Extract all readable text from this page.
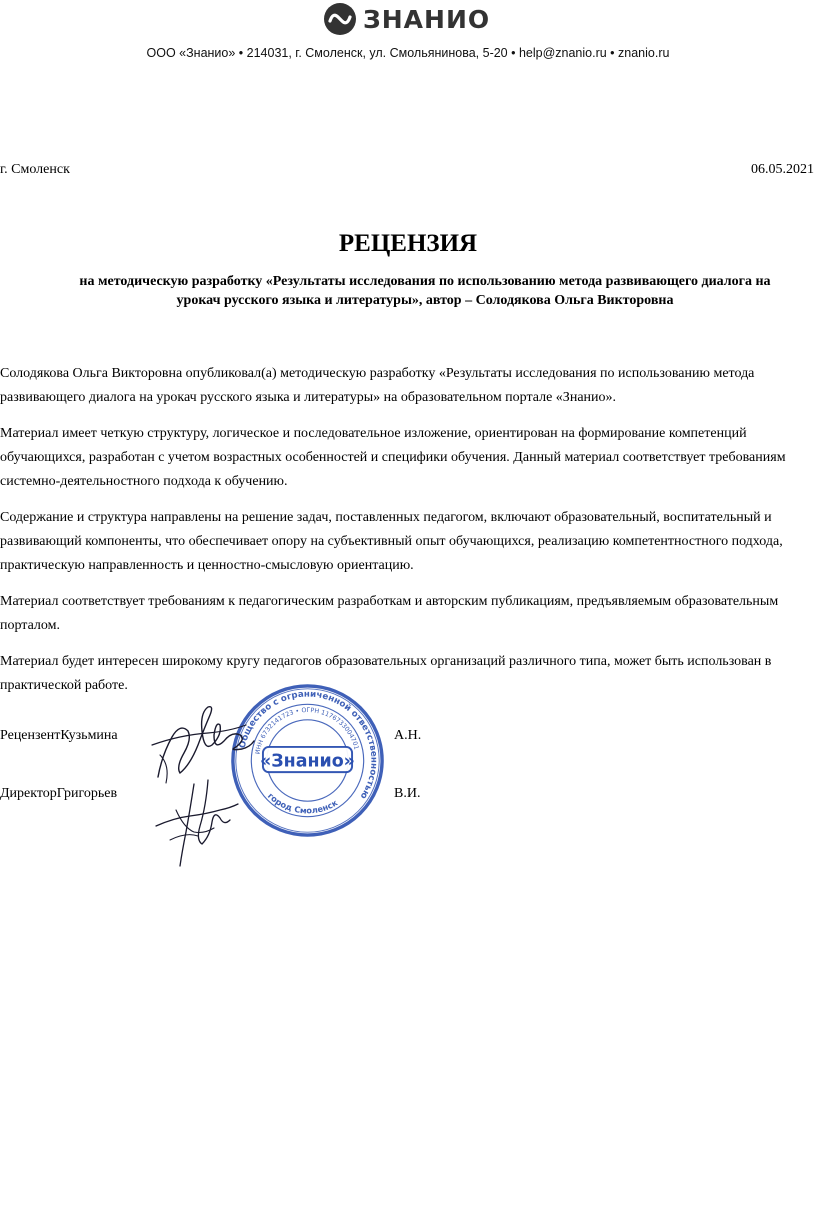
ЗНАНИО
ООО «Знанио» • 214031, г. Смоленск, ул. Смольянинова, 5-20 • help@znanio.ru • znanio.ru
г. Смоленск	06.05.2021
РЕЦЕНЗИЯ
на методическую разработку «Результаты исследования по использованию метода развивающего диалога на урокач русского языка и литературы», автор – Солодякова Ольга Викторовна

Солодякова Ольга Викторовна опубликовал(а) методическую разработку «Результаты исследования по использованию метода развивающего диалога на урокач русского языка и литературы» на образовательном портале «Знанио».

Материал имеет четкую структуру, логическое и последовательное изложение, ориентирован на формирование компетенций обучающихся, разработан с учетом возрастных особенностей и специфики обучения. Данный материал соответствует требованиям системно-деятельностного подхода к обучению.

Содержание и структура направлены на решение задач, поставленных педагогом, включают образовательный, воспитательный и развивающий компоненты, что обеспечивает опору на субъективный опыт обучающихся, реализацию компетентностного подхода, практическую направленность и ценностно-смысловую ориентацию.

Материал соответствует требованиям к педагогическим разработкам и авторским публикациям, предъявляемым образовательным порталом.

Материал будет интересен широкому кругу педагогов образовательных организаций различного типа, может быть использован в практической работе.

РецензентКузьмина	А.Н.
ДиректорГригорьев	В.И.
Общество с ограниченной ответственностью
ИНН 6732141723 • ОГРН 1176733004701
«Знанио»
город Смоленск
